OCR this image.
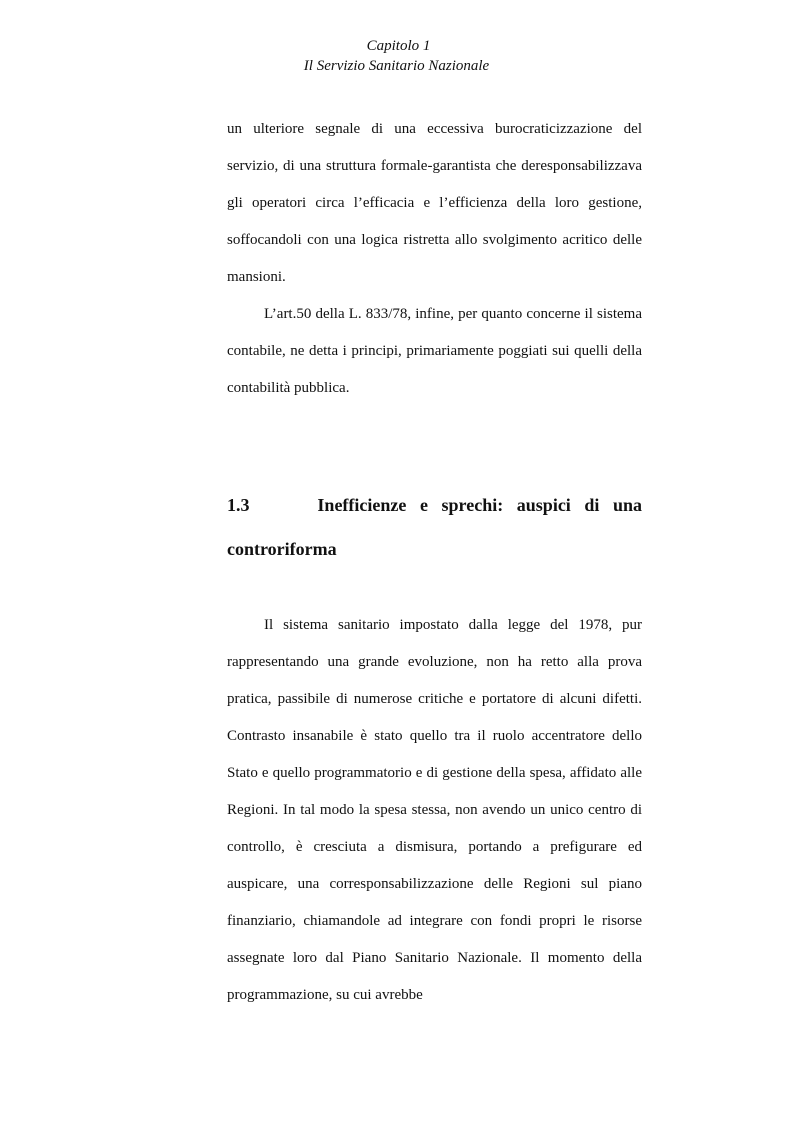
Capitolo 1
Il Servizio Sanitario Nazionale

un ulteriore segnale di una eccessiva burocraticizzazione del servizio, di una struttura formale-garantista che deresponsabilizzava gli operatori circa l’efficacia e l’efficienza della loro gestione, soffocandoli con una logica ristretta allo svolgimento acritico delle mansioni.

L’art.50 della L. 833/78, infine, per quanto concerne il sistema contabile, ne detta i principi, primariamente poggiati sui quelli della contabilità pubblica.

1.3	Inefficienze e sprechi: auspici di una controriforma

Il sistema sanitario impostato dalla legge del 1978, pur rappresentando una grande evoluzione, non ha retto alla prova pratica, passibile di numerose critiche e portatore di alcuni difetti. Contrasto insanabile è stato quello tra il ruolo accentratore dello Stato e quello programmatorio e di gestione della spesa, affidato alle Regioni. In tal modo la spesa stessa, non avendo un unico centro di controllo, è cresciuta a dismisura, portando a prefigurare ed auspicare, una corresponsabilizzazione delle Regioni sul piano finanziario, chiamandole ad integrare con fondi propri le risorse assegnate loro dal Piano Sanitario Nazionale. Il momento della programmazione, su cui avrebbe
